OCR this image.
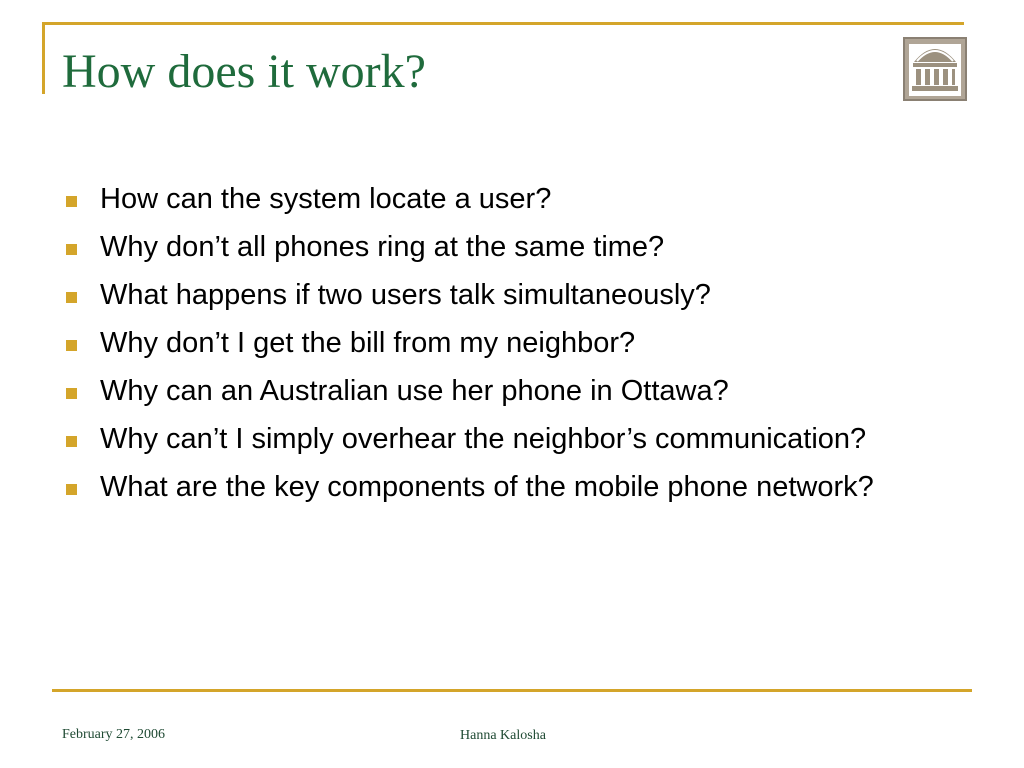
How does it work?
How can the system locate a user?
Why don’t all phones ring at the same time?
What happens if two users talk simultaneously?
Why don’t I get the bill from my neighbor?
Why can an Australian use her phone in Ottawa?
Why can’t I simply overhear the neighbor’s communication?
What are the key components of the mobile phone network?
February 27, 2006	Hanna Kalosha
